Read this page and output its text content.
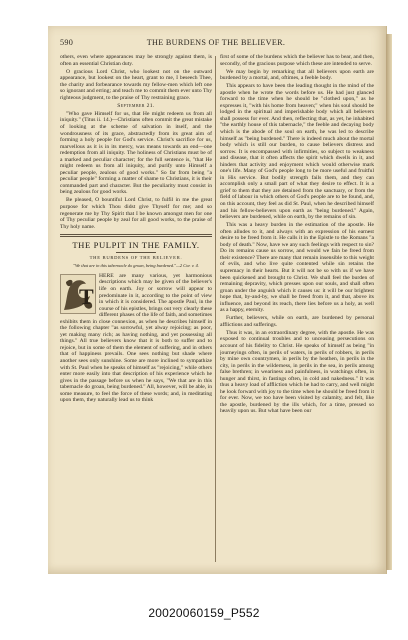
590	THE BURDENS OF THE BELIEVER.

others, even where appearances may be strongly against them, is often an essential Christian duty.

O gracious Lord Christ, who lookest not on the outward appearance, but lookest on the heart, grant to me, I beseech Thee, the charity and forbearance towards my fellow-men which left one so ignorant and erring; and teach me to commit them ever unto Thy righteous judgment, to the praise of Thy restraining grace.

September 21.

"Who gave Himself for us, that He might redeem us from all iniquity." (Titus ii. 14.)—Christians often commit the great mistake of looking at the scheme of salvation in itself, and the wondrousness of its grace, abstractedly from its great aim of forming a holy people for God's service. Christ's sacrifice for us, marvellous as it is in its mercy, was means towards an end—one redemption from all iniquity. The holiness of Christians must be of a marked and peculiar character; for the full sentence is, "that He might redeem us from all iniquity, and purify unto Himself a peculiar people, zealous of good works." So far from being "a peculiar people" forming a matter of shame to Christians, it is their commanded part and character. But the peculiarity must consist in being zealous for good works.

Be pleased, O bountiful Lord Christ, to fulfil in me the great purpose for which Thou didst give Thyself for me; and so regenerate me by Thy Spirit that I be known amongst men for one of Thy peculiar people by zeal for all good works, to the praise of Thy holy name.

THE PULPIT IN THE FAMILY.
THE BURDENS OF THE BELIEVER.
"We that are in this tabernacle do groan, being burdened."—2 Cor. v. 4.
T

HERE are many various, yet harmonious descriptions which may be given of the believer's life on earth. Joy or sorrow will appear to predominate in it, according to the point of view in which it is considered. The apostle Paul, in the course of his epistles, brings out very clearly these different phases of the life of faith, and sometimes exhibits them in close connexion, as when he describes himself in the following chapter "as sorrowful, yet alway rejoicing; as poor, yet making many rich; as having nothing, and yet possessing all things." All true believers know that it is both to suffer and to rejoice, but in some of them the element of suffering, and in others that of happiness prevails. One sees nothing but shade where another sees only sunshine. Some are more inclined to sympathize with St. Paul when he speaks of himself as "rejoicing," while others enter more easily into that description of his experience which he gives in the passage before us when he says, "We that are in this tabernacle do groan, being burdened." All, however, will be able, in some measure, to feel the force of these words; and, in meditating upon them, they naturally lead us to think

first of some of the burdens which the believer has to bear, and then, secondly, of the gracious purpose which these are intended to serve.

We may begin by remarking that all believers upon earth are burdened by a mortal, and, oftimes, a feeble body.

This appears to have been the leading thought in the mind of the apostle when he wrote the words before us. He had just glanced forward to the time when he should be "clothed upon," as he expresses it, "with his home from heaven;" when his soul should be lodged in the spiritual and imperishable body which all believers shall possess for ever. And then, reflecting that, as yet, he inhabited "the earthly house of this tabernacle," the feeble and decaying body which is the abode of the soul on earth, he was led to describe himself as "being burdened." There is indeed much about the mortal body which is still our burden, to cause believers distress and sorrow. It is encompassed with infirmities, so subject to weakness and disease, that it often affects the spirit which dwells in it, and hinders that activity and enjoyment which would otherwise mark one's life. Many of God's people long to be more useful and fruitful in His service. But bodily strength fails them, and they can accomplish only a small part of what they desire to effect. It is a grief to them that they are detained from the sanctuary, or from the field of labour in which others of God's people are to be found, and, on this account, they feel as did St. Paul, when he described himself and his fellow-believers upon earth as "being burdened." Again, believers are burdened, while on earth, by the remains of sin.

This was a heavy burden in the estimation of the apostle. He often alludes to it, and always with an expression of his earnest desire to be freed from it. He calls it in the Epistle to the Romans "a body of death." Now, have we any such feelings with respect to sin? Do its remains cause us sorrow, and would we fain be freed from their existence? There are many that remain insensible to this weight of evils, and who live quite contented while sin retains the supremacy in their hearts. But it will not be so with us if we have been quickened and brought to Christ. We shall feel the burden of remaining depravity, which presses upon our souls, and shall often groan under the anguish which it causes us: it will be our brightest hope that, by-and-by, we shall be freed from it, and that, above its influence, and beyond its reach, there lies before us a holy, as well as a happy, eternity.

Further, believers, while on earth, are burdened by personal afflictions and sufferings.

Thus it was, in an extraordinary degree, with the apostle. He was exposed to continual troubles and to unceasing persecutions on account of his fidelity to Christ. He speaks of himself as being "in journeyings often, in perils of waters, in perils of robbers, in perils by mine own countrymen, in perils by the heathen, in perils in the city, in perils in the wilderness, in perils in the sea, in perils among false brethren; in weariness and painfulness, in watchings often, in hunger and thirst, in fastings often, in cold and nakedness." It was thus a heavy load of affliction which he had to carry, and well might he look forward with joy to the time when he should be freed from it for ever. Now, we too have been visited by calamity, and felt, like the apostle, burdened by the ills which, for a time, pressed so heavily upon us. But what have been our

20020060159_P552
